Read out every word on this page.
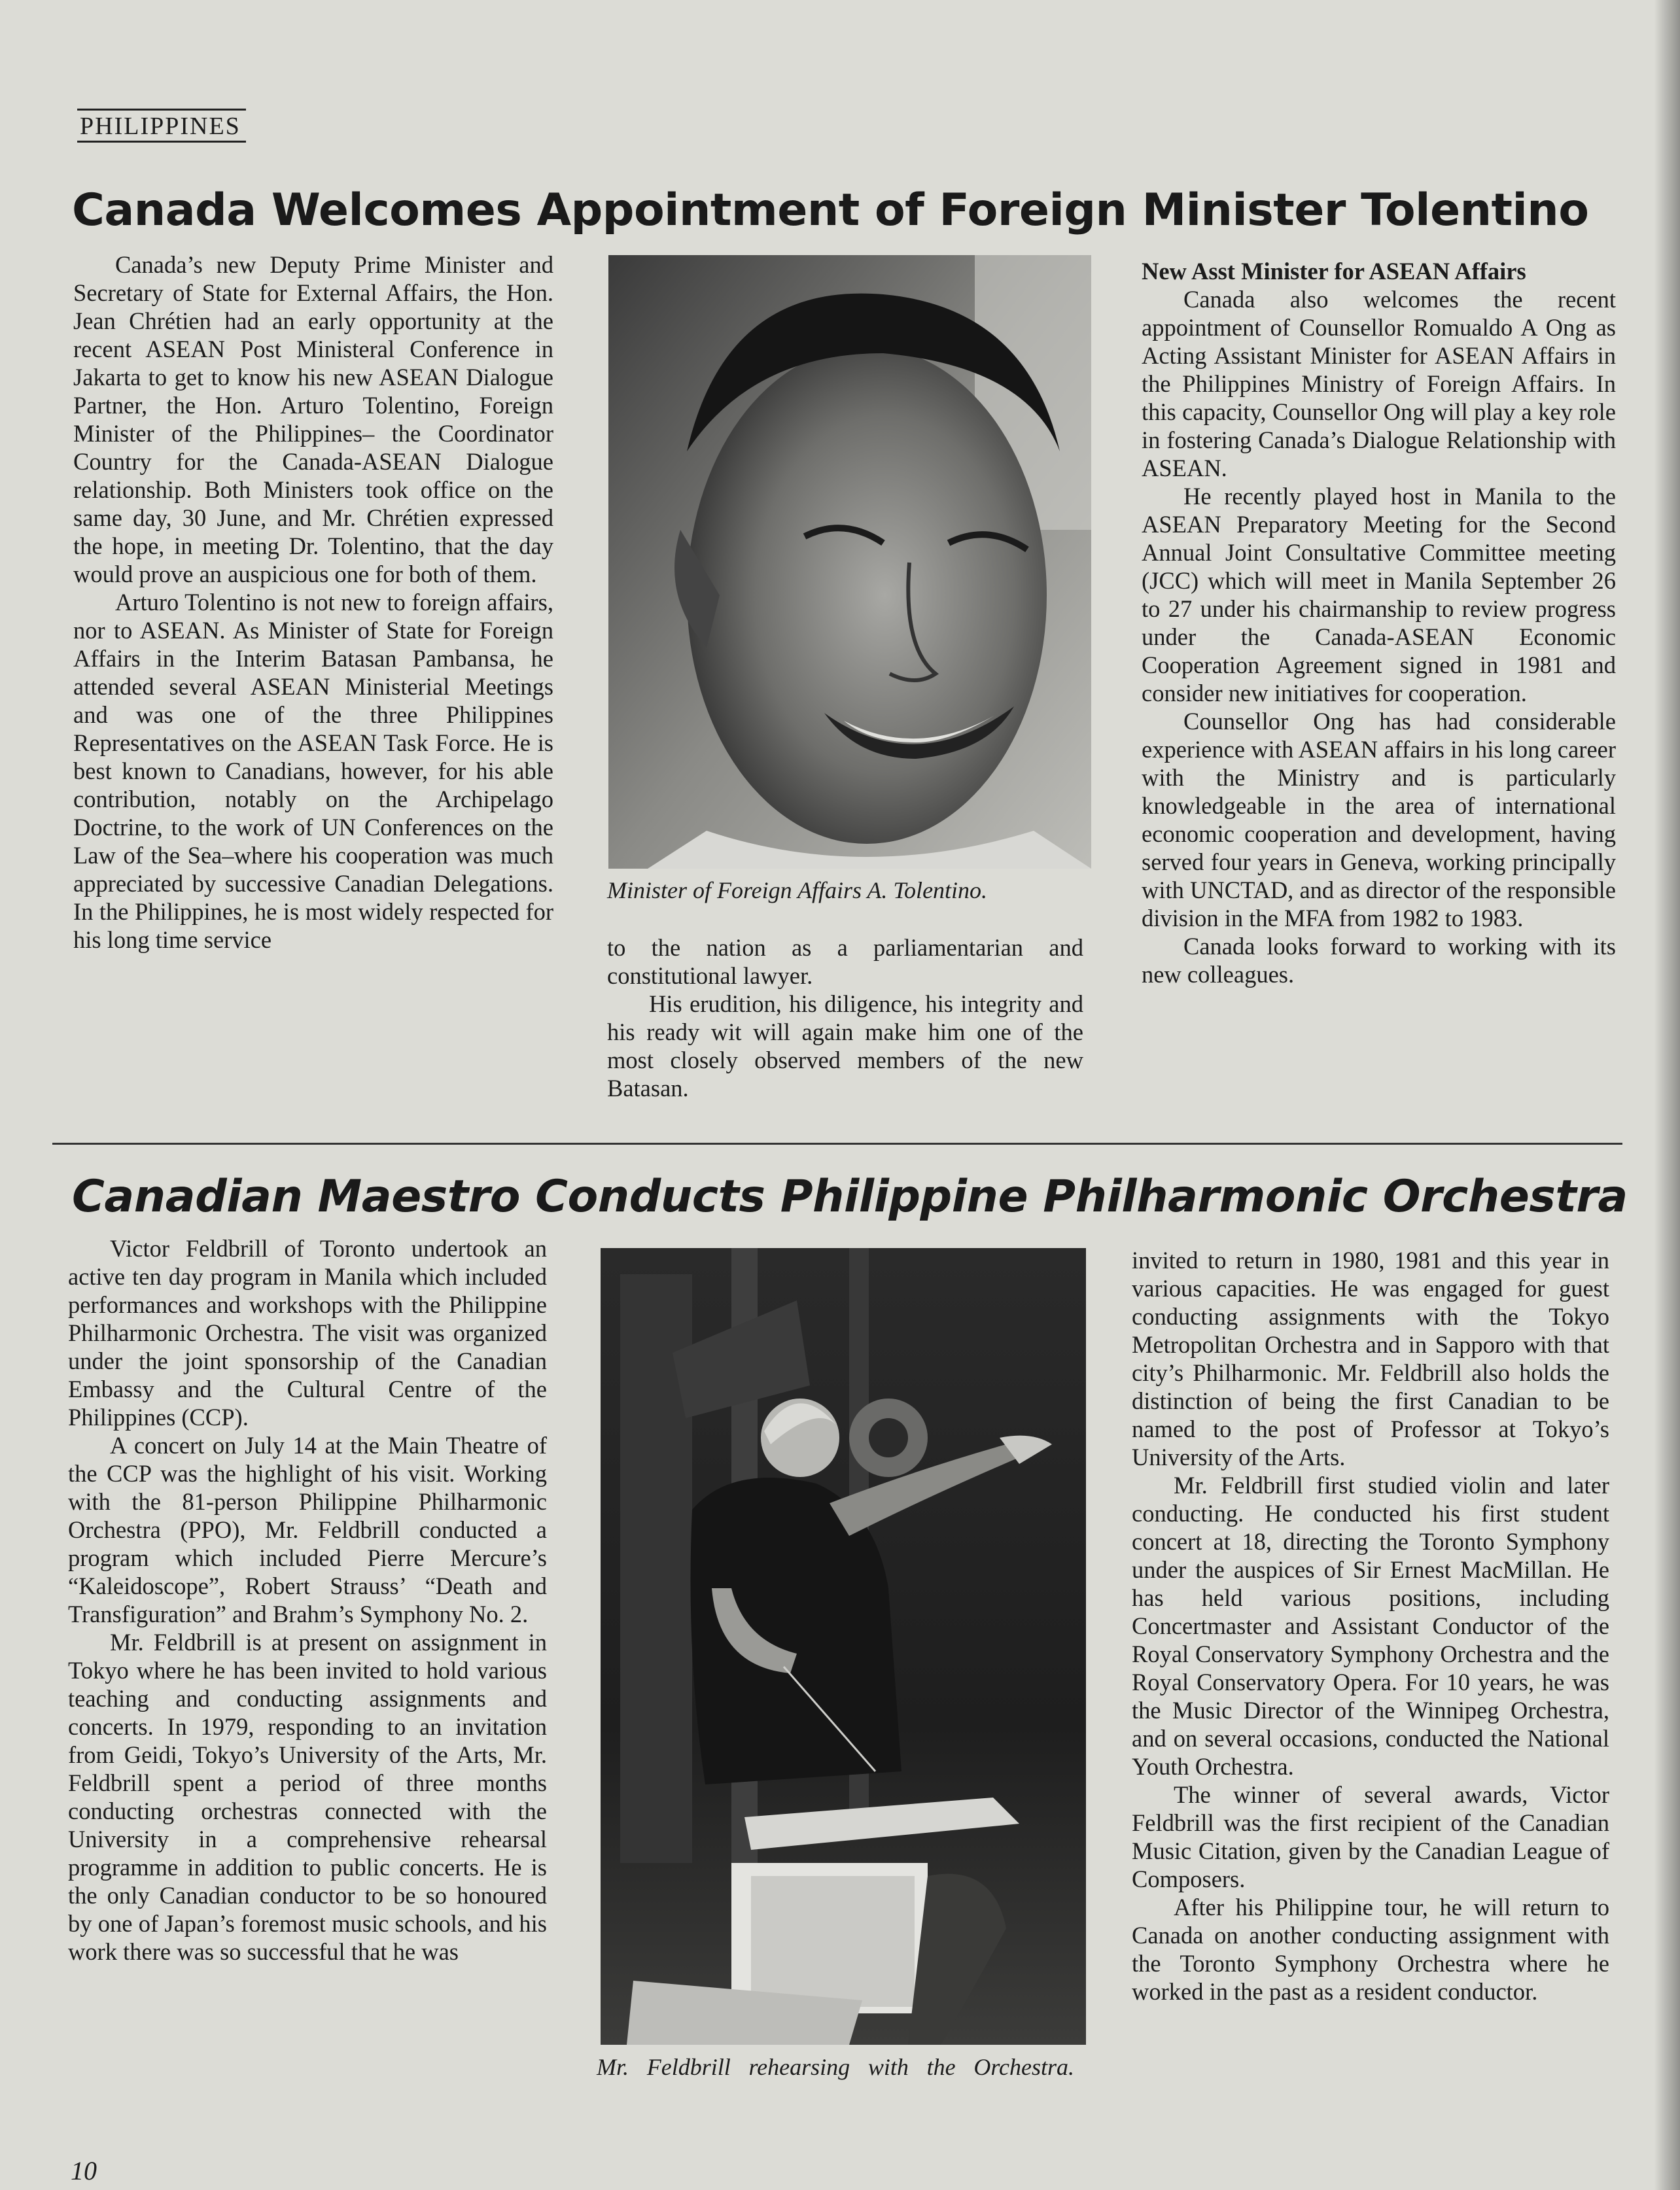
PHILIPPINES
Canada Welcomes Appointment of Foreign Minister Tolentino

Canada’s new Deputy Prime Minister and Secretary of State for External Affairs, the Hon. Jean Chrétien had an early opportunity at the recent ASEAN Post Ministeral Conference in Jakarta to get to know his new ASEAN Dialogue Partner, the Hon. Arturo Tolentino, Foreign Minister of the Philippines– the Coordinator Country for the Canada-ASEAN Dialogue relationship. Both Ministers took office on the same day, 30 June, and Mr. Chrétien expressed the hope, in meeting Dr. Tolentino, that the day would prove an auspicious one for both of them.

Arturo Tolentino is not new to foreign affairs, nor to ASEAN. As Minister of State for Foreign Affairs in the Interim Batasan Pambansa, he attended several ASEAN Ministerial Meetings and was one of the three Philippines Representatives on the ASEAN Task Force. He is best known to Canadians, however, for his able contribution, notably on the Archipelago Doctrine, to the work of UN Conferences on the Law of the Sea–where his cooperation was much appreciated by successive Canadian Delegations. In the Philippines, he is most widely respected for his long time service

Minister of Foreign Affairs A. Tolentino.

to the nation as a parliamentarian and constitutional lawyer.

His erudition, his diligence, his integrity and his ready wit will again make him one of the most closely observed members of the new Batasan.

New Asst Minister for ASEAN Affairs

Canada also welcomes the recent appointment of Counsellor Romualdo A Ong as Acting Assistant Minister for ASEAN Affairs in the Philippines Ministry of Foreign Affairs. In this capacity, Counsellor Ong will play a key role in fostering Canada’s Dialogue Relationship with ASEAN.

He recently played host in Manila to the ASEAN Preparatory Meeting for the Second Annual Joint Consultative Committee meeting (JCC) which will meet in Manila September 26 to 27 under his chairmanship to review progress under the Canada-ASEAN Economic Cooperation Agreement signed in 1981 and consider new initiatives for cooperation.

Counsellor Ong has had considerable experience with ASEAN affairs in his long career with the Ministry and is particularly knowledgeable in the area of international economic cooperation and development, having served four years in Geneva, working principally with UNCTAD, and as director of the responsible division in the MFA from 1982 to 1983.

Canada looks forward to working with its new colleagues.

Canadian Maestro Conducts Philippine Philharmonic Orchestra

Victor Feldbrill of Toronto undertook an active ten day program in Manila which included performances and workshops with the Philippine Philharmonic Orchestra. The visit was organized under the joint sponsorship of the Canadian Embassy and the Cultural Centre of the Philippines (CCP).

A concert on July 14 at the Main Theatre of the CCP was the highlight of his visit. Working with the 81-person Philippine Philharmonic Orchestra (PPO), Mr. Feldbrill conducted a program which included Pierre Mercure’s “Kaleidoscope”, Robert Strauss’ “Death and Transfiguration” and Brahm’s Symphony No. 2.

Mr. Feldbrill is at present on assignment in Tokyo where he has been invited to hold various teaching and conducting assignments and concerts. In 1979, responding to an invitation from Geidi, Tokyo’s University of the Arts, Mr. Feldbrill spent a period of three months conducting orchestras connected with the University in a comprehensive rehearsal programme in addition to public concerts. He is the only Canadian conductor to be so honoured by one of Japan’s foremost music schools, and his work there was so successful that he was

Mr. Feldbrill rehearsing with the Orchestra.

invited to return in 1980, 1981 and this year in various capacities. He was engaged for guest conducting assignments with the Tokyo Metropolitan Orchestra and in Sapporo with that city’s Philharmonic. Mr. Feldbrill also holds the distinction of being the first Canadian to be named to the post of Professor at Tokyo’s University of the Arts.

Mr. Feldbrill first studied violin and later conducting. He conducted his first student concert at 18, directing the Toronto Symphony under the auspices of Sir Ernest MacMillan. He has held various positions, including Concertmaster and Assistant Conductor of the Royal Conservatory Symphony Orchestra and the Royal Conservatory Opera. For 10 years, he was the Music Director of the Winnipeg Orchestra, and on several occasions, conducted the National Youth Orchestra.

The winner of several awards, Victor Feldbrill was the first recipient of the Canadian Music Citation, given by the Canadian League of Composers.

After his Philippine tour, he will return to Canada on another conducting assignment with the Toronto Symphony Orchestra where he worked in the past as a resident conductor.

10
